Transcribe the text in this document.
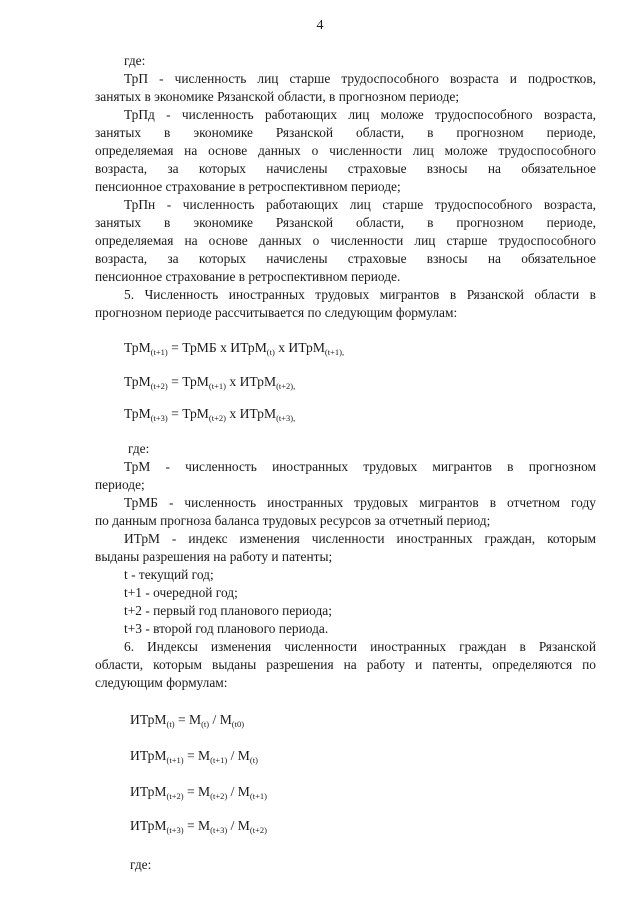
4
где:
ТрП - численность лиц старше трудоспособного возраста и подростков,
занятых в экономике Рязанской области, в прогнозном периоде;
ТрПд - численность работающих лиц моложе трудоспособного возраста,
занятых в экономике Рязанской области, в прогнозном периоде,
определяемая на основе данных о численности лиц моложе трудоспособного
возраста, за которых начислены страховые взносы на обязательное
пенсионное страхование в ретроспективном периоде;
ТрПн - численность работающих лиц старше трудоспособного возраста,
занятых в экономике Рязанской области, в прогнозном периоде,
определяемая на основе данных о численности лиц старше трудоспособного
возраста, за которых начислены страховые взносы на обязательное
пенсионное страхование в ретроспективном периоде.
5. Численность иностранных трудовых мигрантов в Рязанской области в
прогнозном периоде рассчитывается по следующим формулам:
ТрМ$_{(t+1)}$ = ТрМБ х ИТрМ$_{(t)}$ х ИТрМ$_{(t+1),}$
ТрМ$_{(t+2)}$ = ТрМ$_{(t+1)}$ х ИТрМ$_{(t+2),}$
ТрМ$_{(t+3)}$ = ТрМ$_{(t+2)}$ х ИТрМ$_{(t+3),}$
где:
ТрМ - численность иностранных трудовых мигрантов в прогнозном
периоде;
ТрМБ - численность иностранных трудовых мигрантов в отчетном году
по данным прогноза баланса трудовых ресурсов за отчетный период;
ИТрМ - индекс изменения численности иностранных граждан, которым
выданы разрешения на работу и патенты;
t - текущий год;
t+1 - очередной год;
t+2 - первый год планового периода;
t+3 - второй год планового периода.
6. Индексы изменения численности иностранных граждан в Рязанской
области, которым выданы разрешения на работу и патенты, определяются по
следующим формулам:
ИТрМ$_{(t)}$ = $М_{(t)} / М_{(t0)}$
ИТрМ$_{(t+1)}$ = $М_{(t+1)} / М_{(t)}$
ИТрМ$_{(t+2)}$ = $М_{(t+2)} / М_{(t+1)}$
ИТрМ$_{(t+3)}$ = $М_{(t+3)} / М_{(t+2)}$
где:
